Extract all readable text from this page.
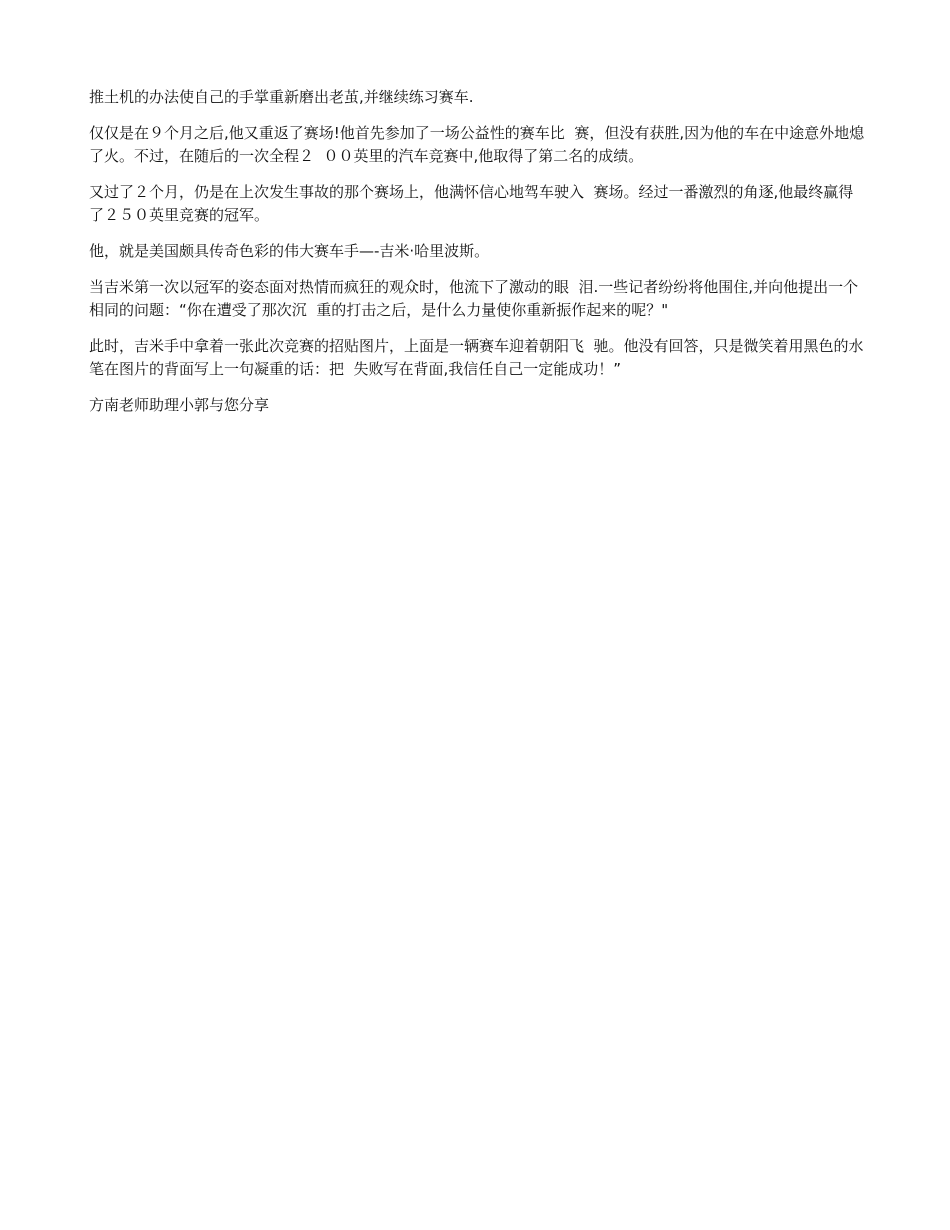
推土机的办法使自己的手掌重新磨出老茧,并继续练习赛车.

仅仅是在９个月之后,他又重返了赛场!他首先参加了一场公益性的赛车比  赛，但没有获胜,因为他的车在中途意外地熄了火。不过，在随后的一次全程２  ００英里的汽车竞赛中,他取得了第二名的成绩。

又过了２个月，仍是在上次发生事故的那个赛场上，他满怀信心地驾车驶入  赛场。经过一番激烈的角逐,他最终赢得了２５０英里竞赛的冠军。

他，就是美国颇具传奇色彩的伟大赛车手—-吉米·哈里波斯。

当吉米第一次以冠军的姿态面对热情而疯狂的观众时，他流下了激动的眼  泪.一些记者纷纷将他围住,并向他提出一个相同的问题：“你在遭受了那次沉  重的打击之后，是什么力量使你重新振作起来的呢？"

此时，吉米手中拿着一张此次竞赛的招贴图片，上面是一辆赛车迎着朝阳飞  驰。他没有回答，只是微笑着用黑色的水笔在图片的背面写上一句凝重的话：把  失败写在背面,我信任自己一定能成功！”

方南老师助理小郭与您分享
